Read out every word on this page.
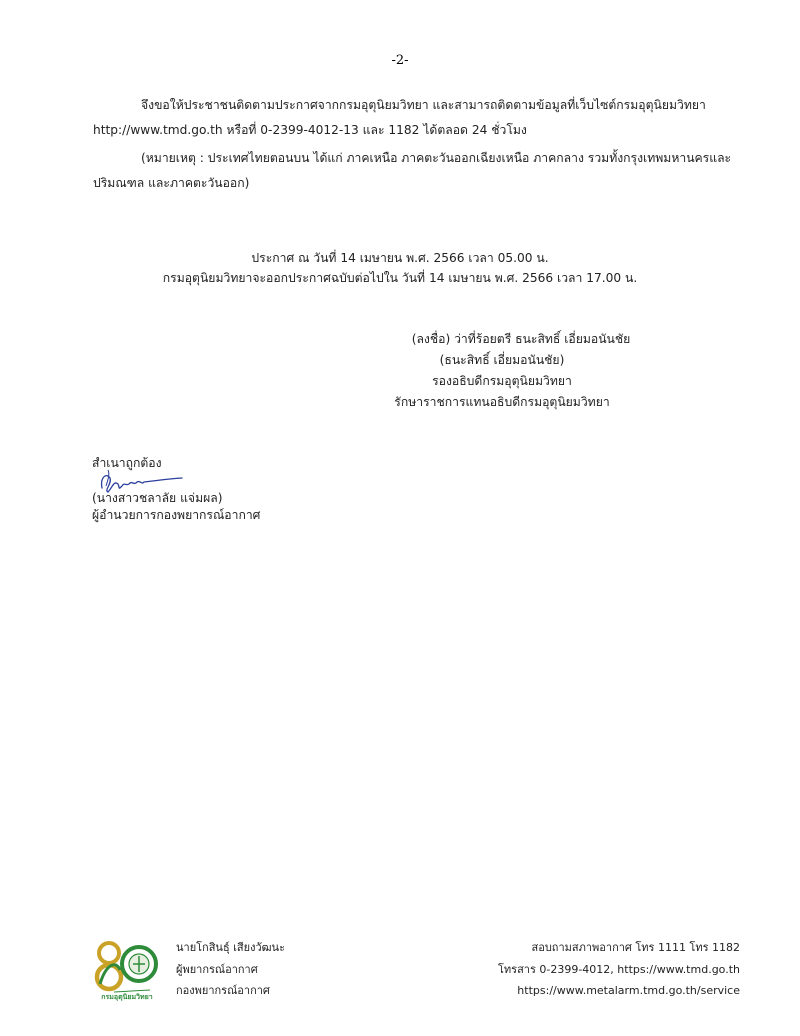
-2-
จึงขอให้ประชาชนติดตามประกาศจากกรมอุตุนิยมวิทยา และสามารถติดตามข้อมูลที่เว็บไซต์กรมอุตุนิยมวิทยา
http://www.tmd.go.th หรือที่ 0-2399-4012-13 และ 1182 ได้ตลอด 24 ชั่วโมง
(หมายเหตุ : ประเทศไทยตอนบน ได้แก่ ภาคเหนือ ภาคตะวันออกเฉียงเหนือ ภาคกลาง รวมทั้งกรุงเทพมหานครและ
ปริมณฑล และภาคตะวันออก)
ประกาศ ณ วันที่ 14 เมษายน พ.ศ. 2566 เวลา 05.00 น.
กรมอุตุนิยมวิทยาจะออกประกาศฉบับต่อไปใน วันที่ 14 เมษายน พ.ศ. 2566 เวลา 17.00 น.
(ลงชื่อ) ว่าที่ร้อยตรี ธนะสิทธิ์ เอี่ยมอนันชัย
(ธนะสิทธิ์ เอี่ยมอนันชัย)
รองอธิบดีกรมอุตุนิยมวิทยา
รักษาราชการแทนอธิบดีกรมอุตุนิยมวิทยา
สำเนาถูกต้อง
(นางสาวชลาลัย แจ่มผล)
ผู้อำนวยการกองพยากรณ์อากาศ
กรมอุตุนิยมวิทยา
นายโกสินธุ์ เสียงวัฒนะ
ผู้พยากรณ์อากาศ
กองพยากรณ์อากาศ
สอบถามสภาพอากาศ โทร 1111 โทร 1182
โทรสาร 0-2399-4012, https://www.tmd.go.th
https://www.metalarm.tmd.go.th/service
